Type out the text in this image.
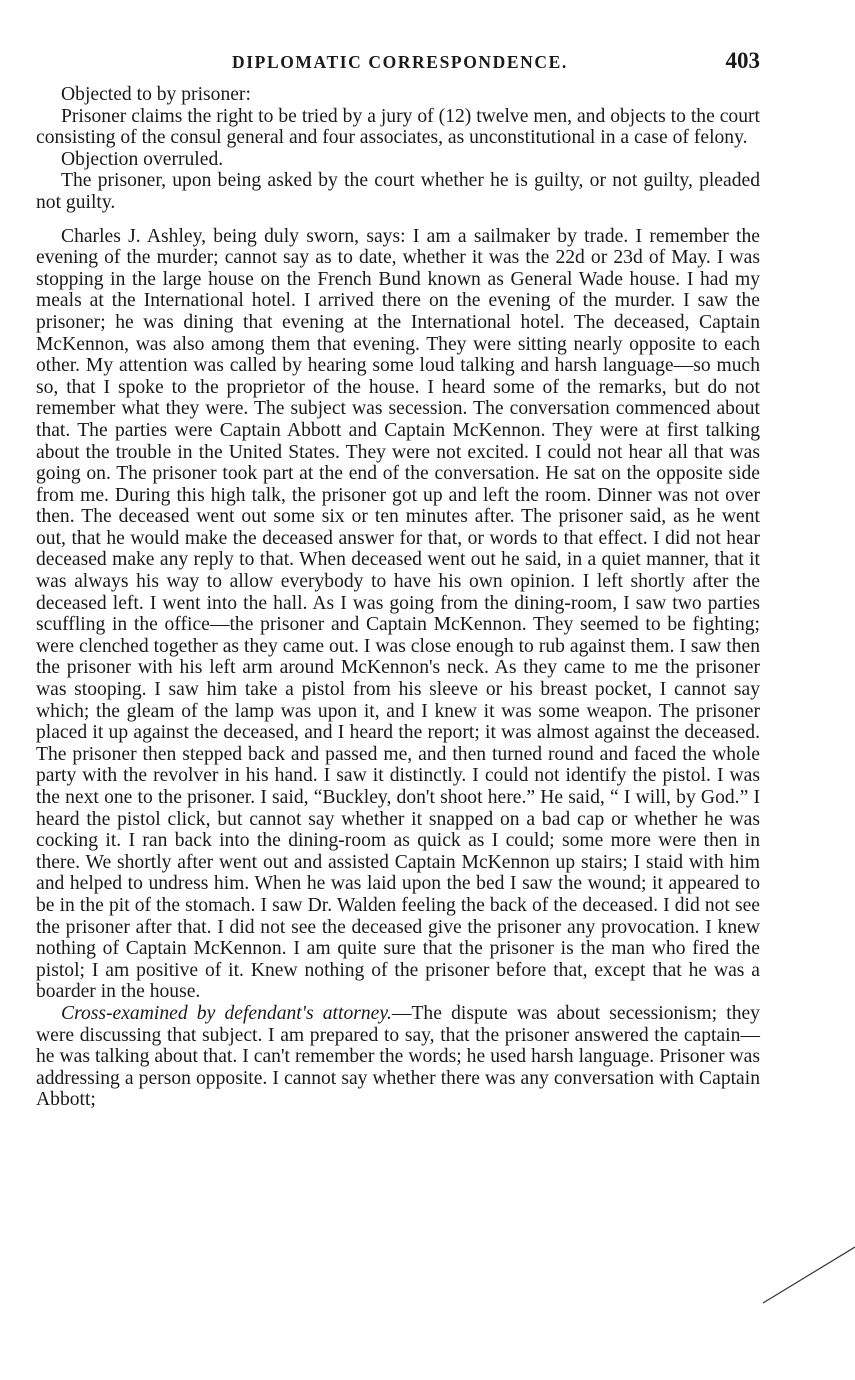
DIPLOMATIC CORRESPONDENCE.	403

Objected to by prisoner:

Prisoner claims the right to be tried by a jury of (12) twelve men, and objects to the court consisting of the consul general and four associates, as unconstitutional in a case of felony.

Objection overruled.

The prisoner, upon being asked by the court whether he is guilty, or not guilty, pleaded not guilty.

Charles J. Ashley, being duly sworn, says: I am a sailmaker by trade. I remember the evening of the murder; cannot say as to date, whether it was the 22d or 23d of May. I was stopping in the large house on the French Bund known as General Wade house. I had my meals at the International hotel. I arrived there on the evening of the murder. I saw the prisoner; he was dining that evening at the International hotel. The deceased, Captain McKennon, was also among them that evening. They were sitting nearly opposite to each other. My attention was called by hearing some loud talking and harsh language—so much so, that I spoke to the proprietor of the house. I heard some of the remarks, but do not remember what they were. The subject was secession. The conversation commenced about that. The parties were Captain Abbott and Captain McKennon. They were at first talking about the trouble in the United States. They were not excited. I could not hear all that was going on. The prisoner took part at the end of the conversation. He sat on the opposite side from me. During this high talk, the prisoner got up and left the room. Dinner was not over then. The deceased went out some six or ten minutes after. The prisoner said, as he went out, that he would make the deceased answer for that, or words to that effect. I did not hear deceased make any reply to that. When deceased went out he said, in a quiet manner, that it was always his way to allow everybody to have his own opinion. I left shortly after the deceased left. I went into the hall. As I was going from the dining-room, I saw two parties scuffling in the office—the prisoner and Captain McKennon. They seemed to be fighting; were clenched together as they came out. I was close enough to rub against them. I saw then the prisoner with his left arm around McKennon's neck. As they came to me the prisoner was stooping. I saw him take a pistol from his sleeve or his breast pocket, I cannot say which; the gleam of the lamp was upon it, and I knew it was some weapon. The prisoner placed it up against the deceased, and I heard the report; it was almost against the deceased. The prisoner then stepped back and passed me, and then turned round and faced the whole party with the revolver in his hand. I saw it distinctly. I could not identify the pistol. I was the next one to the prisoner. I said, “Buckley, don't shoot here.” He said, “ I will, by God.” I heard the pistol click, but cannot say whether it snapped on a bad cap or whether he was cocking it. I ran back into the dining-room as quick as I could; some more were then in there. We shortly after went out and assisted Captain McKennon up stairs; I staid with him and helped to undress him. When he was laid upon the bed I saw the wound; it appeared to be in the pit of the stomach. I saw Dr. Walden feeling the back of the deceased. I did not see the prisoner after that. I did not see the deceased give the prisoner any provocation. I knew nothing of Captain McKennon. I am quite sure that the prisoner is the man who fired the pistol; I am positive of it. Knew nothing of the prisoner before that, except that he was a boarder in the house.

Cross-examined by defendant's attorney.—The dispute was about secessionism; they were discussing that subject. I am prepared to say, that the prisoner answered the captain—he was talking about that. I can't remember the words; he used harsh language. Prisoner was addressing a person opposite. I cannot say whether there was any conversation with Captain Abbott;
